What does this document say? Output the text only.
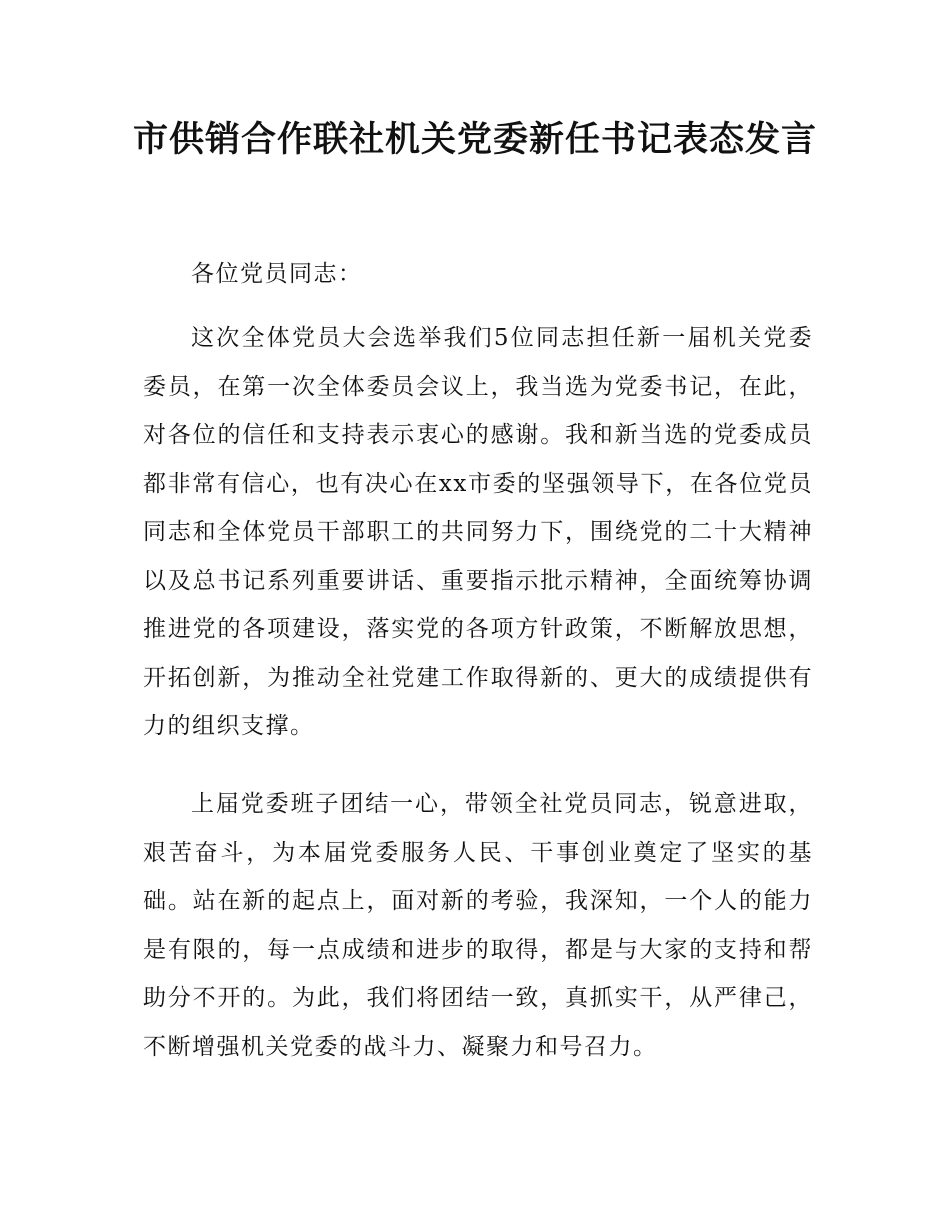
市供销合作联社机关党委新任书记表态发言

各位党员同志：

这次全体党员大会选举我们5位同志担任新一届机关党委委员，在第一次全体委员会议上，我当选为党委书记，在此，对各位的信任和支持表示衷心的感谢。我和新当选的党委成员都非常有信心，也有决心在xx市委的坚强领导下，在各位党员同志和全体党员干部职工的共同努力下，围绕党的二十大精神以及总书记系列重要讲话、重要指示批示精神，全面统筹协调推进党的各项建设，落实党的各项方针政策，不断解放思想，开拓创新，为推动全社党建工作取得新的、更大的成绩提供有力的组织支撑。

上届党委班子团结一心，带领全社党员同志，锐意进取，艰苦奋斗，为本届党委服务人民、干事创业奠定了坚实的基础。站在新的起点上，面对新的考验，我深知，一个人的能力是有限的，每一点成绩和进步的取得，都是与大家的支持和帮助分不开的。为此，我们将团结一致，真抓实干，从严律己，不断增强机关党委的战斗力、凝聚力和号召力。
